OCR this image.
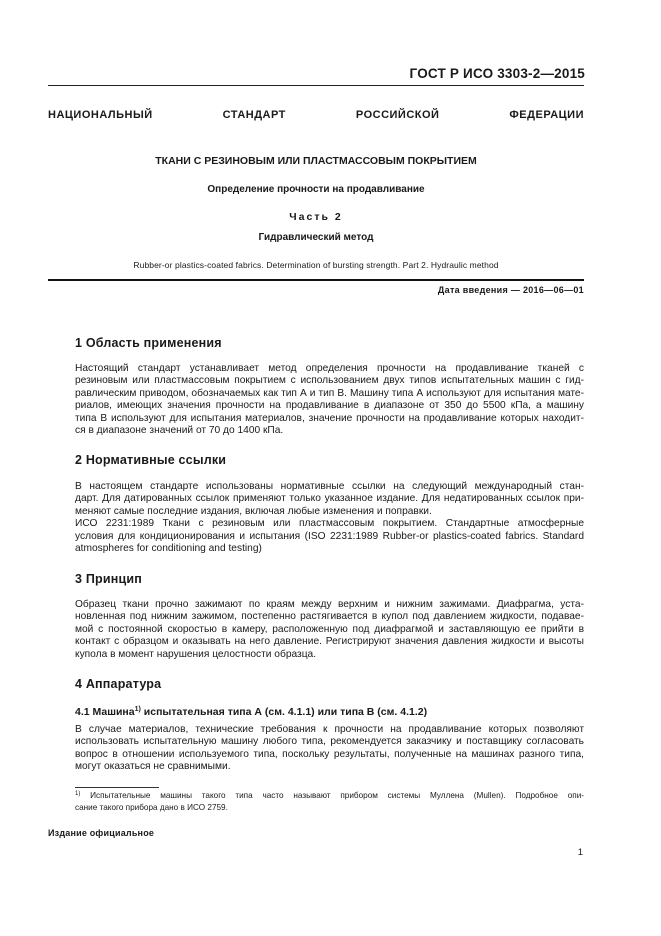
ГОСТ Р ИСО 3303-2—2015
НАЦИОНАЛЬНЫЙ	СТАНДАРТ	РОССИЙСКОЙ	ФЕДЕРАЦИИ
ТКАНИ С РЕЗИНОВЫМ ИЛИ ПЛАСТМАССОВЫМ ПОКРЫТИЕМ
Определение прочности на продавливание
Часть 2
Гидравлический метод
Rubber-or plastics-coated fabrics. Determination of bursting strength. Part 2. Hydraulic method
Дата введения — 2016—06—01
1 Область применения
Настоящий стандарт устанавливает метод определения прочности на продавливание тканей с
резиновым или пластмассовым покрытием с использованием двух типов испытательных машин с гид-
равлическим приводом, обозначаемых как тип А и тип В. Машину типа А используют для испытания мате-
риалов, имеющих значения прочности на продавливание в диапазоне от 350 до 5500 кПа, а машину
типа В используют для испытания материалов, значение прочности на продавливание которых находит-
ся в диапазоне значений от 70 до 1400 кПа.
2 Нормативные ссылки
В настоящем стандарте использованы нормативные ссылки на следующий международный стан-
дарт. Для датированных ссылок применяют только указанное издание. Для недатированных ссылок при-
меняют самые последние издания, включая любые изменения и поправки.
ИСО 2231:1989 Ткани с резиновым или пластмассовым покрытием. Стандартные атмосферные
условия для кондиционирования и испытания (ISO 2231:1989 Rubber-or plastics-coated fabrics. Standard
atmospheres for conditioning and testing)
3 Принцип
Образец ткани прочно зажимают по краям между верхним и нижним зажимами. Диафрагма, уста-
новленная под нижним зажимом, постепенно растягивается в купол под давлением жидкости, подавае-
мой с постоянной скоростью в камеру, расположенную под диафрагмой и заставляющую ее прийти в
контакт с образцом и оказывать на него давление. Регистрируют значения давления жидкости и высоты
купола в момент нарушения целостности образца.
4 Аппаратура
4.1 Машина$^{1)}$ испытательная типа А (см. 4.1.1) или типа В (см. 4.1.2)
В случае материалов, технические требования к прочности на продавливание которых позволяют
использовать испытательную машину любого типа, рекомендуется заказчику и поставщику согласовать
вопрос в отношении используемого типа, поскольку результаты, полученные на машинах разного типа,
могут оказаться не сравнимыми.
$^{1)}$ Испытательные машины такого типа часто называют прибором системы Муллена (Mullen). Подробное опи-
сание такого прибора дано в ИСО 2759.
Издание официальное
1
